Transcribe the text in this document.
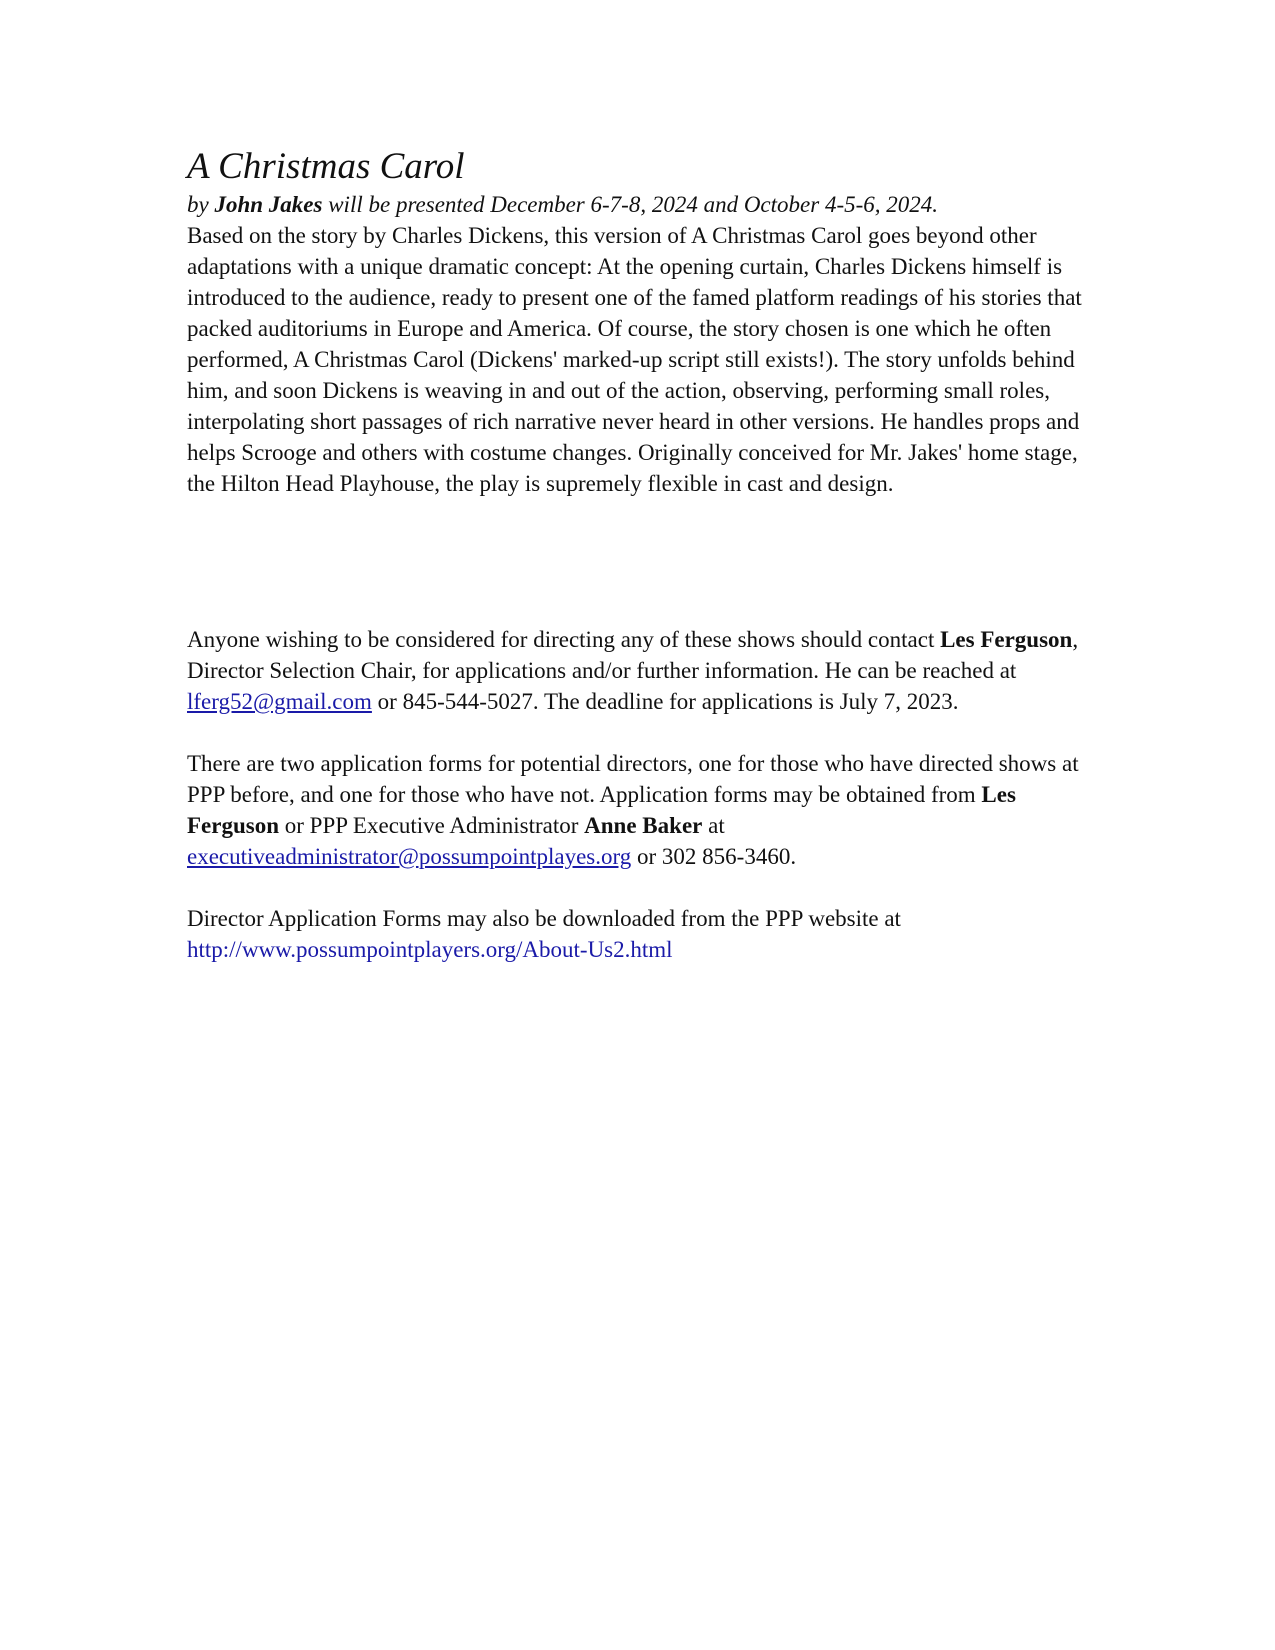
A Christmas Carol

by John Jakes will be presented December 6-7-8, 2024 and October 4-5-6, 2024.

Based on the story by Charles Dickens, this version of A Christmas Carol goes beyond other adaptations with a unique dramatic concept: At the opening curtain, Charles Dickens himself is introduced to the audience, ready to present one of the famed platform readings of his stories that packed auditoriums in Europe and America. Of course, the story chosen is one which he often performed, A Christmas Carol (Dickens' marked-up script still exists!). The story unfolds behind him, and soon Dickens is weaving in and out of the action, observing, performing small roles, interpolating short passages of rich narrative never heard in other versions. He handles props and helps Scrooge and others with costume changes. Originally conceived for Mr. Jakes' home stage, the Hilton Head Playhouse, the play is supremely flexible in cast and design.

Anyone wishing to be considered for directing any of these shows should contact Les Ferguson, Director Selection Chair, for applications and/or further information. He can be reached at lferg52@gmail.com or 845-544-5027. The deadline for applications is July 7, 2023.

There are two application forms for potential directors, one for those who have directed shows at PPP before, and one for those who have not. Application forms may be obtained from Les Ferguson or PPP Executive Administrator Anne Baker at
executiveadministrator@possumpointplayes.org or 302 856-3460.

Director Application Forms may also be downloaded from the PPP website at
http://www.possumpointplayers.org/About-Us2.html
